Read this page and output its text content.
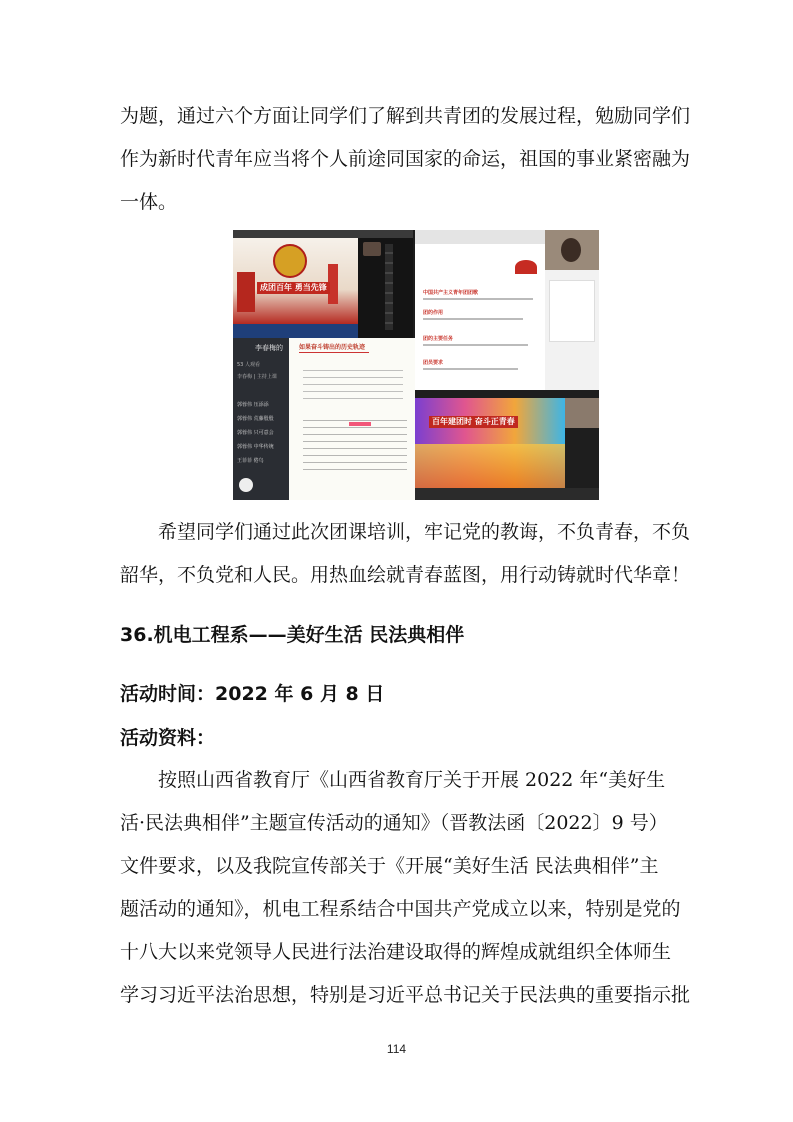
为题，通过六个方面让同学们了解到共青团的发展过程，勉励同学们
作为新时代青年应当将个人前途同国家的命运，祖国的事业紧密融为
一体。
成团百年 勇当先锋
中国共产主义青年团团歌
团的作用
团的主要任务
团员要求
李春梅的
53 人观看
李春梅 | 主持上课
郭蓉伟 压添添
郭蓉伟 荒藤殷殷
郭蓉伟 只可意会
郭蓉伟 中华传统
王菲菲 倦鸟
如果奋斗铸出的历史轨迹
百年建团时 奋斗正青春
希望同学们通过此次团课培训，牢记党的教诲，不负青春，不负
韶华，不负党和人民。用热血绘就青春蓝图，用行动铸就时代华章！
36.机电工程系——美好生活 民法典相伴
活动时间：2022 年 6 月 8 日
活动资料：
按照山西省教育厅《山西省教育厅关于开展 2022 年“美好生
活·民法典相伴”主题宣传活动的通知》（晋教法函〔2022〕9 号）
文件要求，以及我院宣传部关于《开展“美好生活 民法典相伴”主
题活动的通知》，机电工程系结合中国共产党成立以来，特别是党的
十八大以来党领导人民进行法治建设取得的辉煌成就组织全体师生
学习习近平法治思想，特别是习近平总书记关于民法典的重要指示批
114
